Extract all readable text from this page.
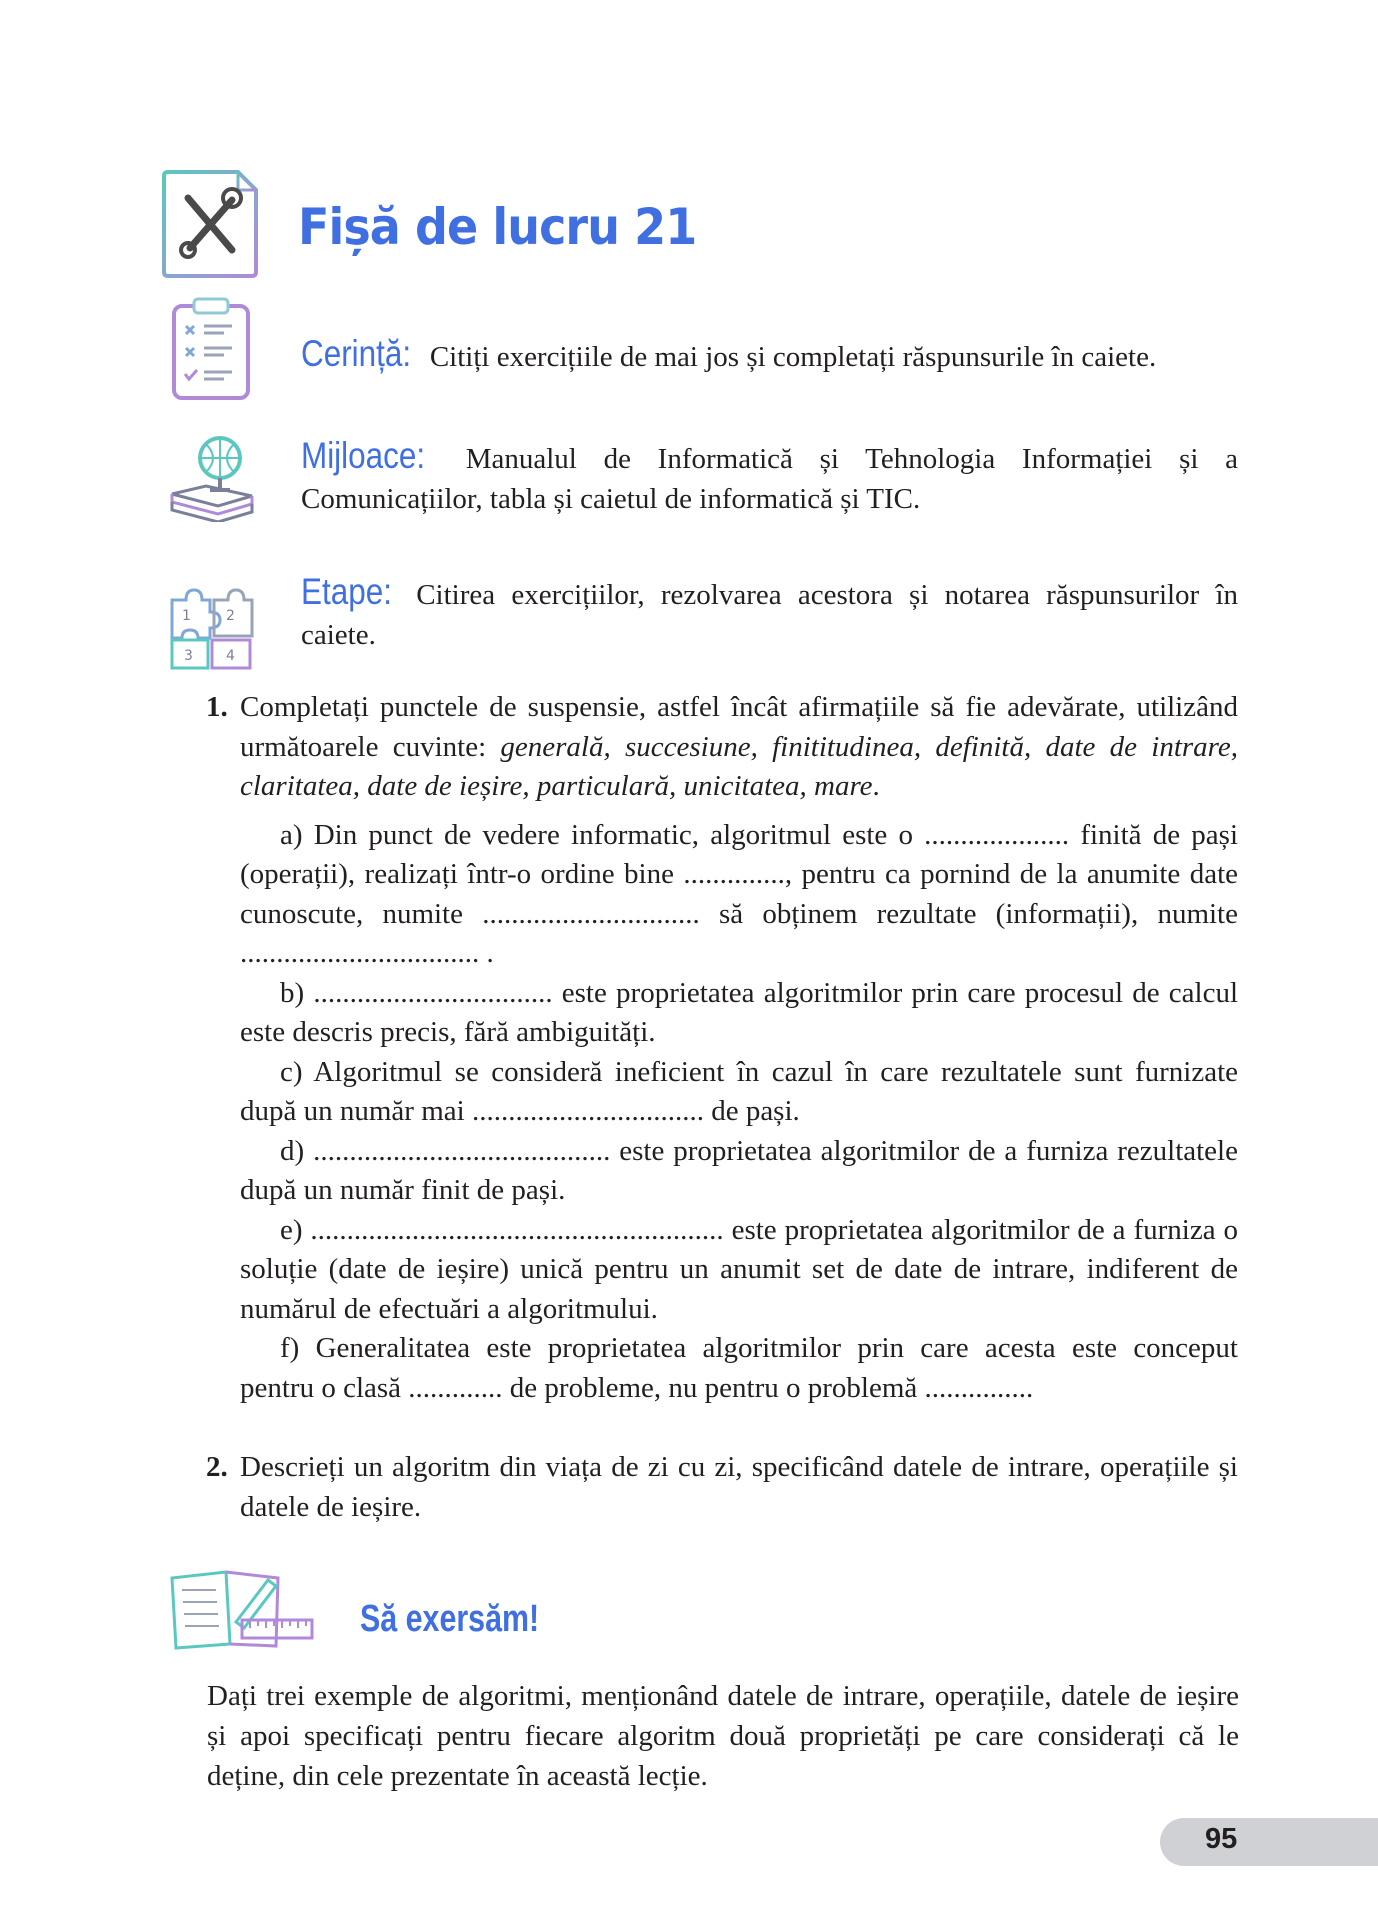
Fișă de lucru 21
Cerință: Citiți exercițiile de mai jos și completați răspunsurile în caiete.
Mijloace: Manualul de Informatică și Tehnologia Informației și a Comunicațiilor, tabla și caietul de informatică și TIC.
1	2
3 4
Etape: Citirea exercițiilor, rezolvarea acestora și notarea răspunsurilor în caiete.
1. Completați punctele de suspensie, astfel încât afirmațiile să fie adevărate, utilizând următoarele cuvinte: generală, succesiune, finititudinea, definită, date de intrare, claritatea, date de ieșire, particulară, unicitatea, mare.

a) Din punct de vedere informatic, algoritmul este o .................... finită de pași (operații), realizați într-o ordine bine .............., pentru ca pornind de la anumite date cunoscute, numite .............................. să obținem rezultate (informații), numite ................................. .

b) ................................. este proprietatea algoritmilor prin care procesul de calcul este descris precis, fără ambiguități.

c) Algoritmul se consideră ineficient în cazul în care rezultatele sunt furnizate după un număr mai ................................ de pași.

d) ......................................... este proprietatea algoritmilor de a furniza rezultatele după un număr finit de pași.

e) ......................................................... este proprietatea algoritmilor de a furniza o soluție (date de ieșire) unică pentru un anumit set de date de intrare, indiferent de numărul de efectuări a algoritmului.

f) Generalitatea este proprietatea algoritmilor prin care acesta este conceput pentru o clasă ............. de probleme, nu pentru o problemă ...............

2. Descrieți un algoritm din viața de zi cu zi, specificând datele de intrare, operațiile și datele de ieșire.
Să exersăm!
Dați trei exemple de algoritmi, menționând datele de intrare, operațiile, datele de ieșire și apoi specificați pentru fiecare algoritm două proprietăți pe care considerați că le deține, din cele prezentate în această lecție.
95
